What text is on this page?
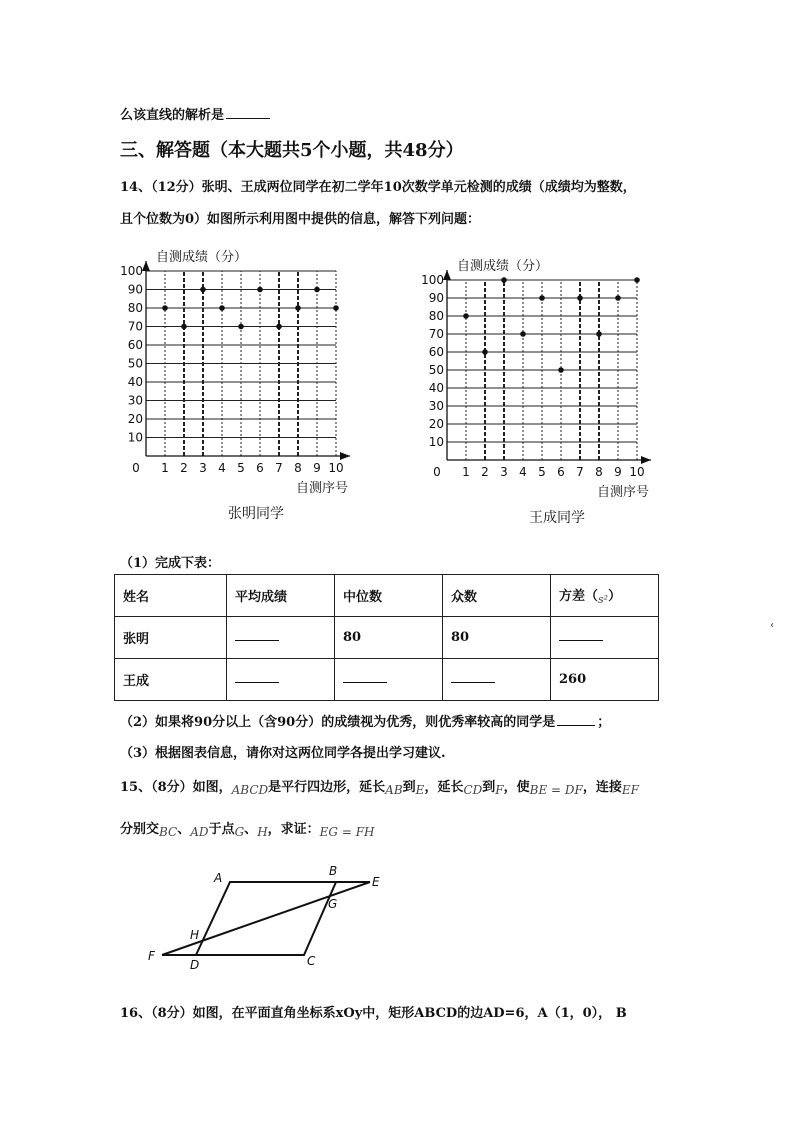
么该直线的解析是
三、解答题（本大题共5个小题，共48分）
14、（12分）张明、王成两位同学在初二学年10次数学单元检测的成绩（成绩均为整数，
且个位数为0）如图所示利用图中提供的信息，解答下列问题：
10
20
30
40
50
60
70
80
90
100
1 2 3 4 5 6 7 8 9 10
0
自测成绩（分）
自测序号
张明同学
10
20
30
40
50
60
70
80
90
100
1 2 3 4 5 6 7 8 9 10
0
自测成绩（分）
自测序号
王成同学
‹
（1）完成下表：
姓名	平均成绩	中位数	众数	方差$(_{s^2})$
张明		80	80	
王成				260
（2）如果将90分以上（含90分）的成绩视为优秀，则优秀率较高的同学是	；
（3）根据图表信息，请你对这两位同学各提出学习建议.
15、（8分）如图，ABCD是平行四边形，延长AB到E，延长CD到F，使BE = DF，连接EF
分别交BC、AD于点G、H，求证：EG = FH
A	B
C
D
E
F
G
H
16、（8分）如图，在平面直角坐标系xOy中，矩形ABCD的边AD=6，A（1，0）， B
